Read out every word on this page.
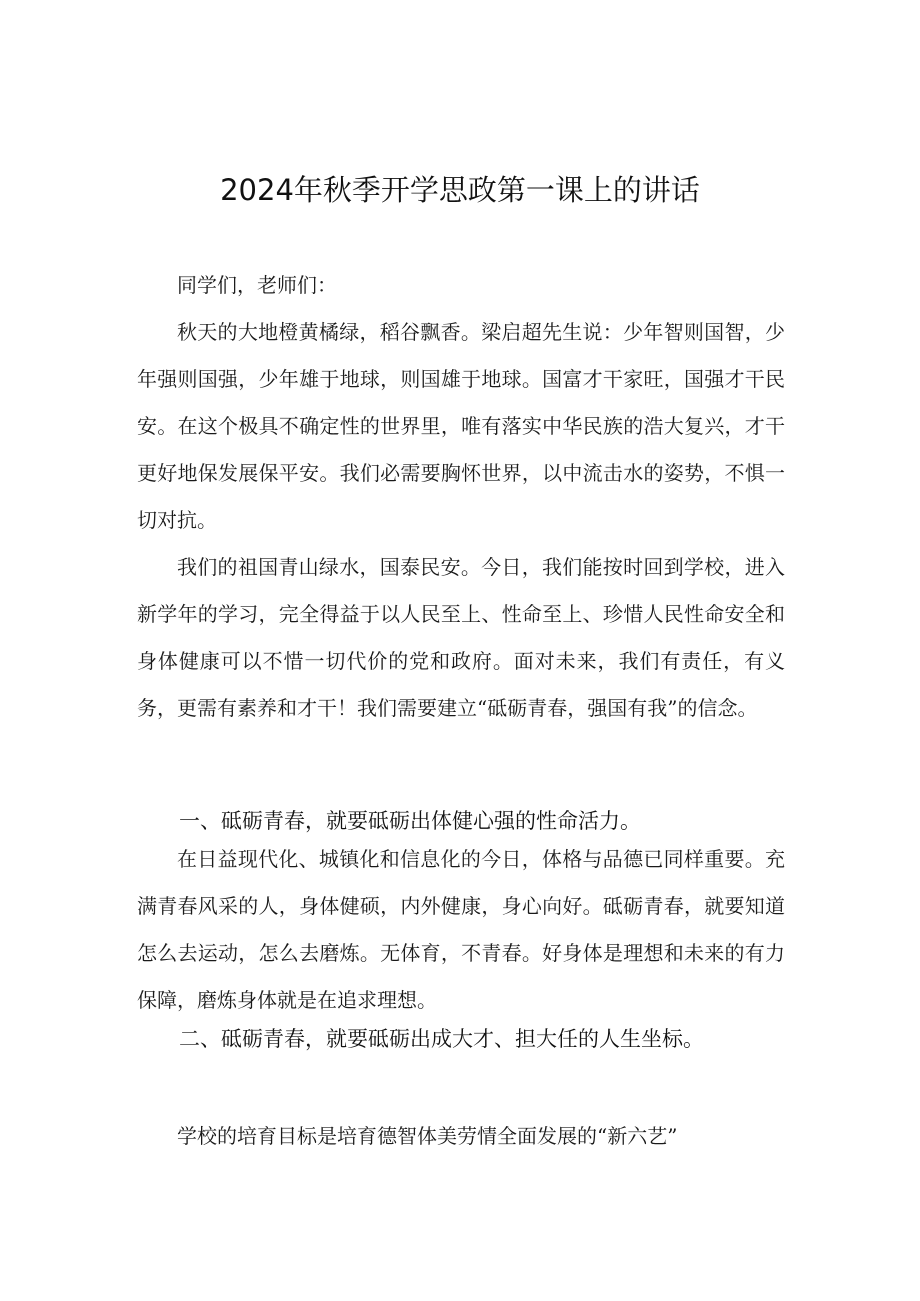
2024年秋季开学思政第一课上的讲话

同学们，老师们：

秋天的大地橙黄橘绿，稻谷飘香。梁启超先生说：少年智则国智，少年强则国强，少年雄于地球，则国雄于地球。国富才干家旺，国强才干民安。在这个极具不确定性的世界里，唯有落实中华民族的浩大复兴，才干更好地保发展保平安。我们必需要胸怀世界，以中流击水的姿势，不惧一切对抗。

我们的祖国青山绿水，国泰民安。今日，我们能按时回到学校，进入新学年的学习，完全得益于以人民至上、性命至上、珍惜人民性命安全和身体健康可以不惜一切代价的党和政府。面对未来，我们有责任，有义务，更需有素养和才干！我们需要建立“砥砺青春，强国有我”的信念。

一、砥砺青春，就要砥砺出体健心强的性命活力。

在日益现代化、城镇化和信息化的今日，体格与品德已同样重要。充满青春风采的人，身体健硕，内外健康，身心向好。砥砺青春，就要知道怎么去运动，怎么去磨炼。无体育，不青春。好身体是理想和未来的有力保障，磨炼身体就是在追求理想。

二、砥砺青春，就要砥砺出成大才、担大任的人生坐标。

学校的培育目标是培育德智体美劳情全面发展的“新六艺”
